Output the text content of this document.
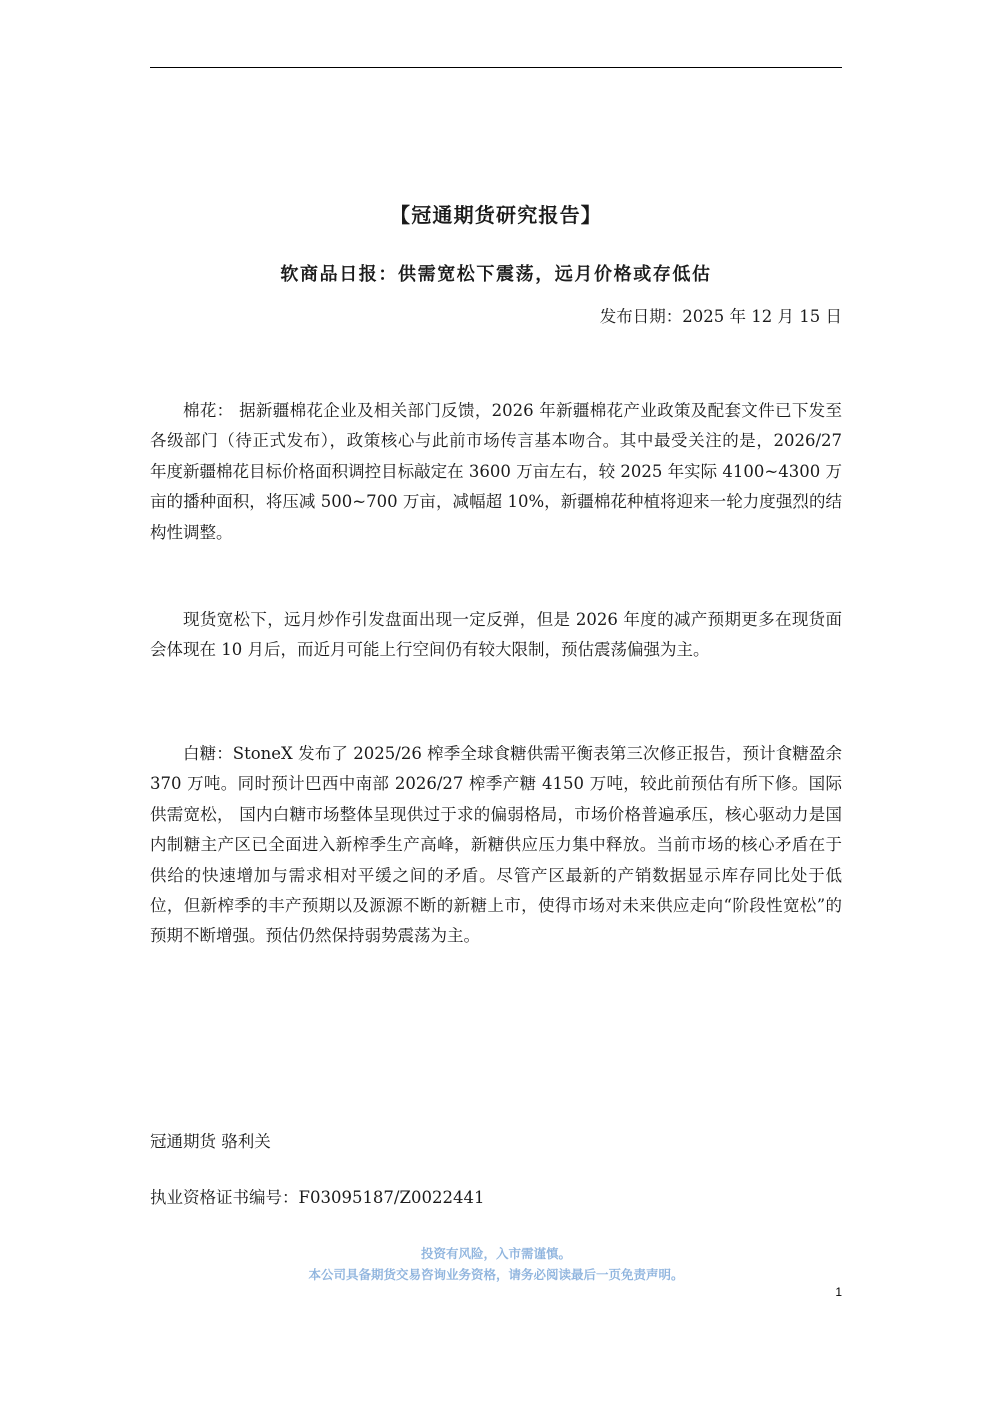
【冠通期货研究报告】
软商品日报：供需宽松下震荡，远月价格或存低估
发布日期：2025 年 12 月 15 日

棉花： 据新疆棉花企业及相关部门反馈，2026 年新疆棉花产业政策及配套文件已下发至各级部门（待正式发布），政策核心与此前市场传言基本吻合。其中最受关注的是，2026/27 年度新疆棉花目标价格面积调控目标敲定在 3600 万亩左右，较 2025 年实际 4100~4300 万亩的播种面积，将压减 500~700 万亩，减幅超 10%，新疆棉花种植将迎来一轮力度强烈的结构性调整。

现货宽松下，远月炒作引发盘面出现一定反弹，但是 2026 年度的减产预期更多在现货面会体现在 10 月后，而近月可能上行空间仍有较大限制，预估震荡偏强为主。

白糖：StoneX 发布了 2025/26 榨季全球食糖供需平衡表第三次修正报告，预计食糖盈余 370 万吨。同时预计巴西中南部 2026/27 榨季产糖 4150 万吨，较此前预估有所下修。国际供需宽松， 国内白糖市场整体呈现供过于求的偏弱格局，市场价格普遍承压，核心驱动力是国内制糖主产区已全面进入新榨季生产高峰，新糖供应压力集中释放。当前市场的核心矛盾在于供给的快速增加与需求相对平缓之间的矛盾。尽管产区最新的产销数据显示库存同比处于低位，但新榨季的丰产预期以及源源不断的新糖上市，使得市场对未来供应走向“阶段性宽松”的预期不断增强。预估仍然保持弱势震荡为主。

冠通期货 骆利关
执业资格证书编号：F03095187/Z0022441
投资有风险，入市需谨慎。
本公司具备期货交易咨询业务资格，请务必阅读最后一页免责声明。
1
